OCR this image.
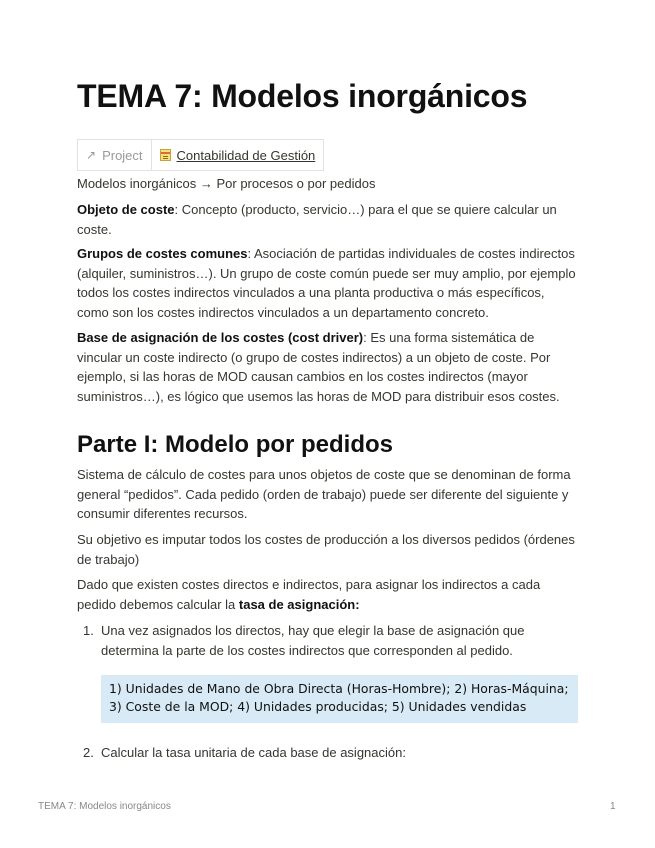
TEMA 7: Modelos inorgánicos
↗ Project	Contabilidad de Gestión

Modelos inorgánicos → Por procesos o por pedidos

Objeto de coste: Concepto (producto, servicio…) para el que se quiere calcular un coste.

Grupos de costes comunes: Asociación de partidas individuales de costes indirectos (alquiler, suministros…). Un grupo de coste común puede ser muy amplio, por ejemplo todos los costes indirectos vinculados a una planta productiva o más específicos, como son los costes indirectos vinculados a un departamento concreto.

Base de asignación de los costes (cost driver): Es una forma sistemática de vincular un coste indirecto (o grupo de costes indirectos) a un objeto de coste. Por ejemplo, si las horas de MOD causan cambios en los costes indirectos (mayor suministros…), es lógico que usemos las horas de MOD para distribuir esos costes.

Parte I: Modelo por pedidos

Sistema de cálculo de costes para unos objetos de coste que se denominan de forma general “pedidos”. Cada pedido (orden de trabajo) puede ser diferente del siguiente y consumir diferentes recursos.

Su objetivo es imputar todos los costes de producción a los diversos pedidos (órdenes de trabajo)

Dado que existen costes directos e indirectos, para asignar los indirectos a cada pedido debemos calcular la tasa de asignación:

1. Una vez asignados los directos, hay que elegir la base de asignación que determina la parte de los costes indirectos que corresponden al pedido.
2. Calcular la tasa unitaria de cada base de asignación:
1) Unidades de Mano de Obra Directa (Horas-Hombre); 2) Horas-Máquina; 3) Coste de la MOD; 4) Unidades producidas; 5) Unidades vendidas
TEMA 7: Modelos inorgánicos	1
